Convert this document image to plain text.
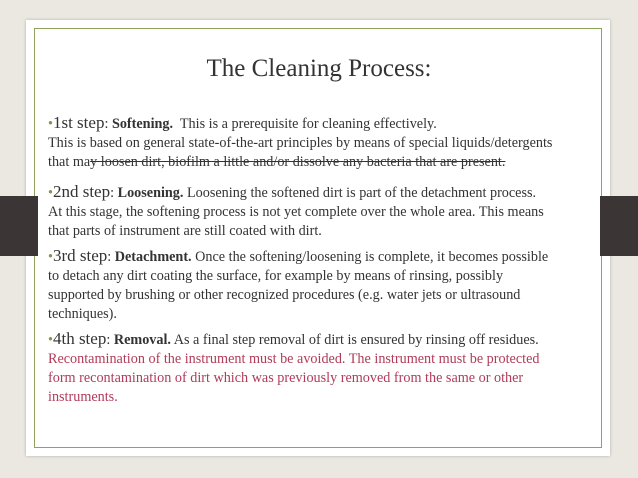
The Cleaning Process:
•1st step: Softening. This is a prerequisite for cleaning effectively.
This is based on general state-of-the-art principles by means of special liquids/detergents
that may loosen dirt, biofilm a little and/or dissolve any bacteria that are present.
•2nd step: Loosening. Loosening the softened dirt is part of the detachment process.
At this stage, the softening process is not yet complete over the whole area. This means
that parts of instrument are still coated with dirt.
•3rd step: Detachment. Once the softening/loosening is complete, it becomes possible
to detach any dirt coating the surface, for example by means of rinsing, possibly
supported by brushing or other recognized procedures (e.g. water jets or ultrasound
techniques).
•4th step: Removal. As a final step removal of dirt is ensured by rinsing off residues.
Recontamination of the instrument must be avoided. The instrument must be protected
form recontamination of dirt which was previously removed from the same or other
instruments.
